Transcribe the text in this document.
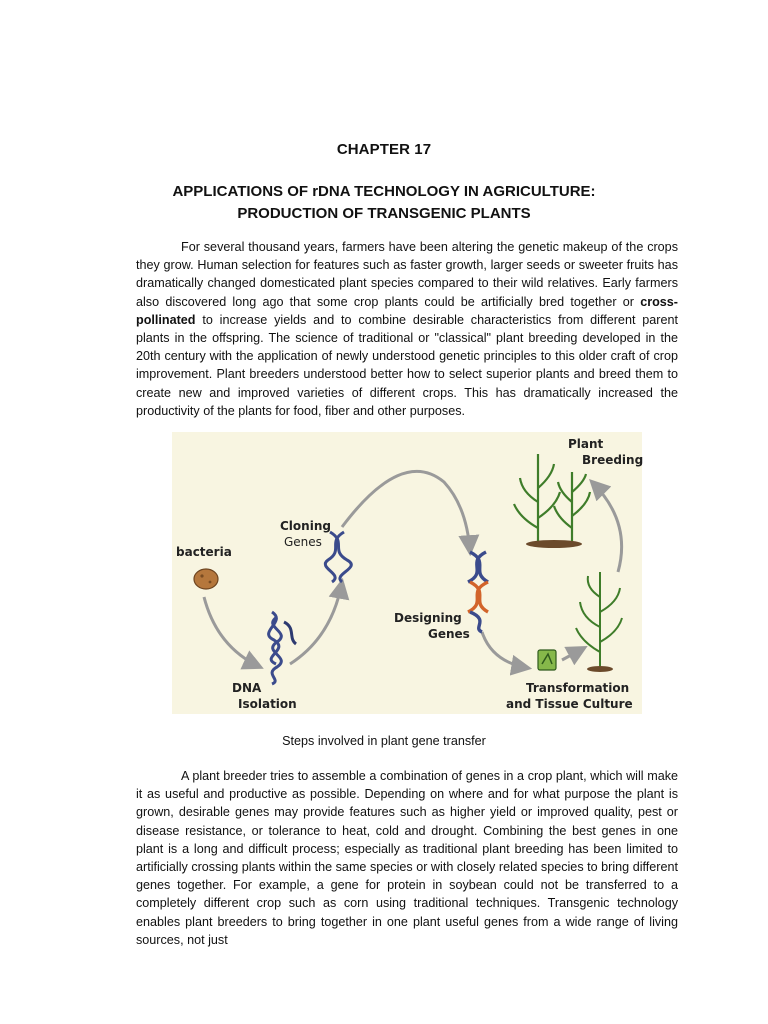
CHAPTER 17
APPLICATIONS OF rDNA TECHNOLOGY IN AGRICULTURE:
PRODUCTION OF TRANSGENIC PLANTS

For several thousand years, farmers have been altering the genetic makeup of the crops they grow. Human selection for features such as faster growth, larger seeds or sweeter fruits has dramatically changed domesticated plant species compared to their wild relatives. Early farmers also discovered long ago that some crop plants could be artificially bred together or cross-pollinated to increase yields and to combine desirable characteristics from different parent plants in the offspring. The science of traditional or "classical" plant breeding developed in the 20th century with the application of newly understood genetic principles to this older craft of crop improvement. Plant breeders understood better how to select superior plants and breed them to create new and improved varieties of different crops. This has dramatically increased the productivity of the plants for food, fiber and other purposes.

bacteria
DNA
Isolation
Cloning
Genes
Designing
Genes
Transformation
and Tissue Culture
Plant
Breeding
Steps involved in plant gene transfer

A plant breeder tries to assemble a combination of genes in a crop plant, which will make it as useful and productive as possible. Depending on where and for what purpose the plant is grown, desirable genes may provide features such as higher yield or improved quality, pest or disease resistance, or tolerance to heat, cold and drought. Combining the best genes in one plant is a long and difficult process; especially as traditional plant breeding has been limited to artificially crossing plants within the same species or with closely related species to bring different genes together. For example, a gene for protein in soybean could not be transferred to a completely different crop such as corn using traditional techniques. Transgenic technology enables plant breeders to bring together in one plant useful genes from a wide range of living sources, not just
